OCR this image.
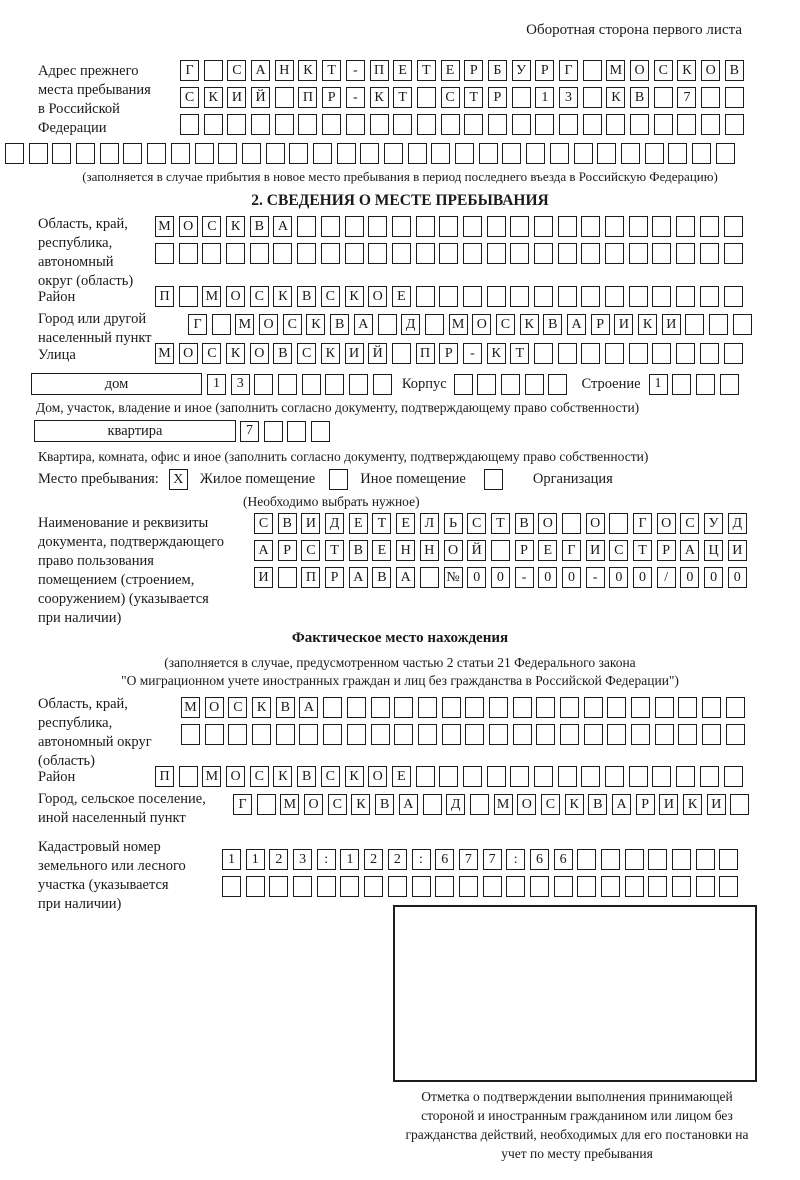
Оборотная сторона первого листа
Адрес прежнего
места пребывания
в Российской
Федерации
Г	С А Н К	Т	-	П	Е	Т	Е	Р	Б	У	Р	Г	М О С	К О В
С	К И Й	П	Р	-	К	Т	С	Т	Р	1	3	К	В	7
(заполняется в случае прибытия в новое место пребывания в период последнего въезда в Российскую Федерацию)
2. СВЕДЕНИЯ О МЕСТЕ ПРЕБЫВАНИЯ
Область, край,
республика,
автономный
округ (область)
М О С	К	В А
Район	П	М О С	К	В	С	К О	Е
Город или другой
населенный пункт
Г	М О С	К	В А	Д	М О С	К	В А	Р	И К И
Улица	М О С	К О В	С	К И Й	П	Р	-	К	Т
дом	1	3	Корпус	Строение	1
Дом, участок, владение и иное (заполнить согласно документу, подтверждающему право собственности)
квартира	7
Квартира, комната, офис и иное (заполнить согласно документу, подтверждающему право собственности)
Место пребывания:	X	Жилое помещение	Иное помещение	Организация
(Необходимо выбрать нужное)
Наименование и реквизиты
документа, подтверждающего
право пользования
помещением (строением,
сооружением) (указывается
при наличии)
С	В И Д	Е	Т	Е	Л	Ь	С	Т	В О	О	Г	О С	У Д
А	Р	С	Т	В	Е	Н Н О Й	Р	Е	Г	И С	Т	Р	А Ц И
И	П	Р	А В А	№ 0	0	-	0	0	-	0	0	/	0	0	0
Фактическое место нахождения
(заполняется в случае, предусмотренном частью 2 статьи 21 Федерального закона
"О миграционном учете иностранных граждан и лиц без гражданства в Российской Федерации")
Область, край,
республика,
автономный округ
(область)
М О С	К	В А
Район	П	М О С	К	В	С	К О	Е
Город, сельское поселение,
иной населенный пункт
Г	М О С	К	В А	Д	М О С	К	В А	Р	И К И
Кадастровый номер
земельного или лесного
участка (указывается
при наличии)
1	1	2	3	:	1	2	2	:	6	7	7	:	6	6
Отметка о подтверждении выполнения принимающей стороной и иностранным гражданином или лицом без гражданства действий, необходимых для его постановки на учет по месту пребывания
